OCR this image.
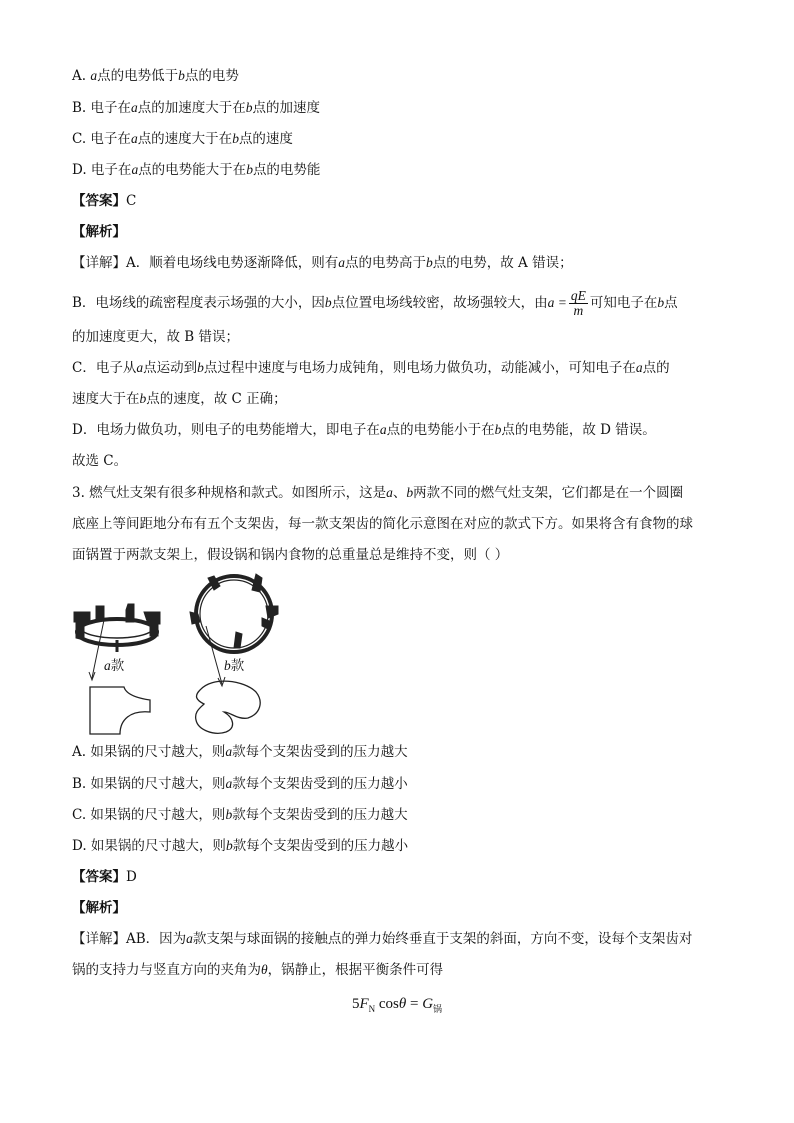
A. a点的电势低于b点的电势
B. 电子在a点的加速度大于在b点的加速度
C. 电子在a点的速度大于在b点的速度
D. 电子在a点的电势能大于在b点的电势能
【答案】C
【解析】
【详解】A．顺着电场线电势逐渐降低，则有a点的电势高于b点的电势，故 A 错误；
B．电场线的疏密程度表示场强的大小，因b点位置电场线较密，故场强较大，由$a = \frac{qE}{m}$ 可知电子在b点
的加速度更大，故 B 错误；
C．电子从a点运动到b点过程中速度与电场力成钝角，则电场力做负功，动能减小，可知电子在a点的
速度大于在b点的速度，故 C 正确；
D．电场力做负功，则电子的电势能增大，即电子在a点的电势能小于在b点的电势能，故 D 错误。
故选 C。
3. 燃气灶支架有很多种规格和款式。如图所示，这是a、b两款不同的燃气灶支架，它们都是在一个圆圈
底座上等间距地分布有五个支架齿，每一款支架齿的简化示意图在对应的款式下方。如果将含有食物的球
面锅置于两款支架上，假设锅和锅内食物的总重量总是维持不变，则（ ）
a款	b款
A. 如果锅的尺寸越大，则a款每个支架齿受到的压力越大
B. 如果锅的尺寸越大，则a款每个支架齿受到的压力越小
C. 如果锅的尺寸越大，则b款每个支架齿受到的压力越大
D. 如果锅的尺寸越大，则b款每个支架齿受到的压力越小
【答案】D
【解析】
【详解】AB．因为a款支架与球面锅的接触点的弹力始终垂直于支架的斜面，方向不变，设每个支架齿对
锅的支持力与竖直方向的夹角为θ，锅静止，根据平衡条件可得
$5F_N$ $\cos\theta = G_锅$
